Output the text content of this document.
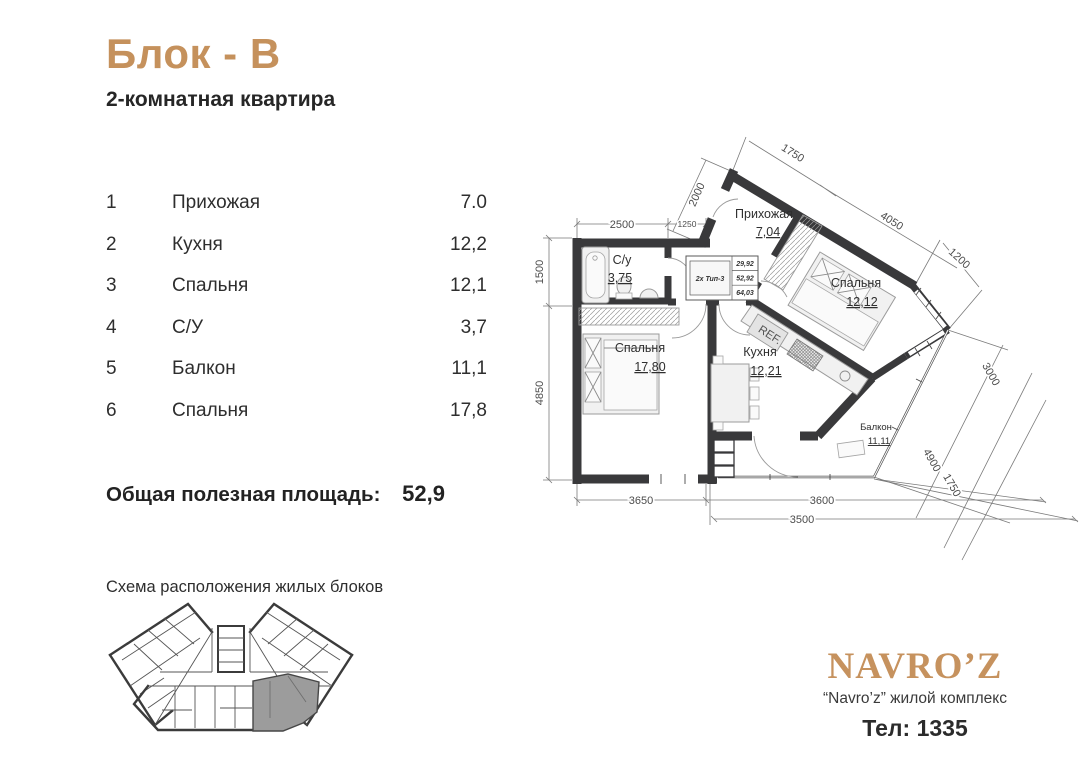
Блок - В
2-комнатная квартира
1	Прихожая	7.0
2	Кухня	12,2
3	Спальня	12,1
4	С/У	3,7
5	Балкон	11,1
6	Спальня	17,8
Общая полезная площадь: 52,9
Схема расположения жилых блоков
2х Тип-3
29,92
52,92
64,03
С/у
3,75
Прихожая
7,04
Спальня
12,12
Спальня
17,80
Кухня
12,21
Балкон
11,11
REF.
2500	1250
1500
4850
2000
1750
4050
1200
3000
4900
1750
3650	3600
3500
NAVRO’Z
“Navro’z” жилой комплекс
Тел: 1335
